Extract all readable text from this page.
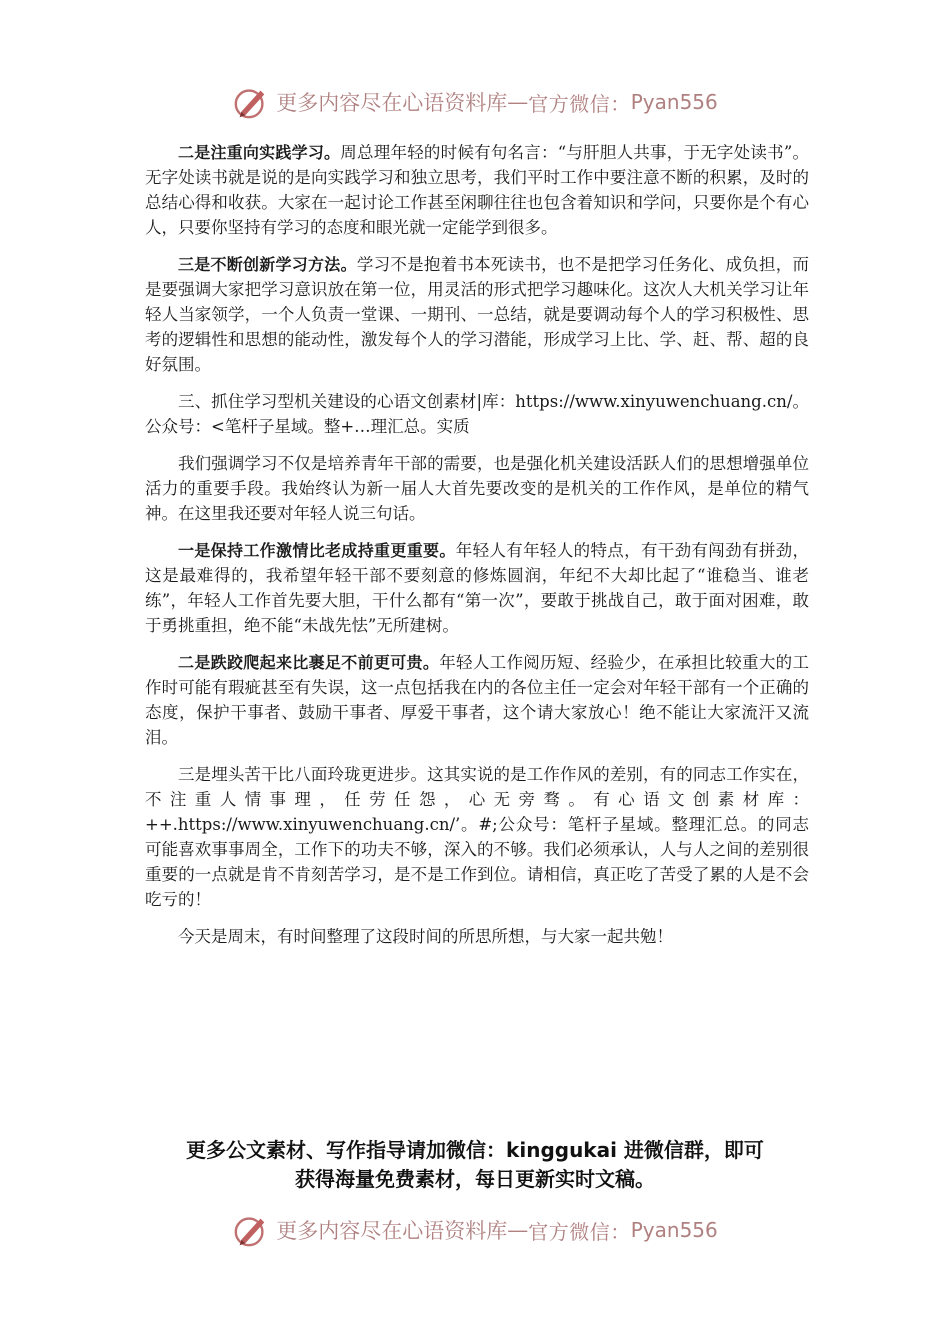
更多内容尽在心语资料库 — 官方微信： Pyan556

二是注重向实践学习。周总理年轻的时候有句名言：“与肝胆人共事，于无字处读书”。无字处读书就是说的是向实践学习和独立思考，我们平时工作中要注意不断的积累，及时的总结心得和收获。大家在一起讨论工作甚至闲聊往往也包含着知识和学问，只要你是个有心人，只要你坚持有学习的态度和眼光就一定能学到很多。

三是不断创新学习方法。学习不是抱着书本死读书，也不是把学习任务化、成负担，而是要强调大家把学习意识放在第一位，用灵活的形式把学习趣味化。这次人大机关学习让年轻人当家领学，一个人负责一堂课、一期刊、一总结，就是要调动每个人的学习积极性、思考的逻辑性和思想的能动性，激发每个人的学习潜能，形成学习上比、学、赶、帮、超的良好氛围。

三、抓住学习型机关建设的心语文创素材|库：https://www.xinyuwenchuang.cn/。公众号：<笔杆子星域。整+…理汇总。实质

我们强调学习不仅是培养青年干部的需要，也是强化机关建设活跃人们的思想增强单位活力的重要手段。我始终认为新一届人大首先要改变的是机关的工作作风，是单位的精气神。在这里我还要对年轻人说三句话。

一是保持工作激情比老成持重更重要。年轻人有年轻人的特点，有干劲有闯劲有拼劲，这是最难得的，我希望年轻干部不要刻意的修炼圆润，年纪不大却比起了“谁稳当、谁老练”，年轻人工作首先要大胆，干什么都有“第一次”，要敢于挑战自己，敢于面对困难，敢于勇挑重担，绝不能“未战先怯”无所建树。

二是跌跤爬起来比裹足不前更可贵。年轻人工作阅历短、经验少，在承担比较重大的工作时可能有瑕疵甚至有失误，这一点包括我在内的各位主任一定会对年轻干部有一个正确的态度，保护干事者、鼓励干事者、厚爱干事者，这个请大家放心！绝不能让大家流汗又流泪。

三是埋头苦干比八面玲珑更进步。这其实说的是工作作风的差别，有的同志工作实在，不注重人情事理，任劳任怨，心无旁骛。有心语文创素材库：++.https://www.xinyuwenchuang.cn/’。#;公众号：笔杆子星域。整理汇总。的同志可能喜欢事事周全，工作下的功夫不够，深入的不够。我们必须承认，人与人之间的差别很重要的一点就是肯不肯刻苦学习，是不是工作到位。请相信，真正吃了苦受了累的人是不会吃亏的！

今天是周末，有时间整理了这段时间的所思所想，与大家一起共勉！

更多公文素材、写作指导请加微信：kinggukai 进微信群，即可
获得海量免费素材，每日更新实时文稿。
更多内容尽在心语资料库 — 官方微信： Pyan556
